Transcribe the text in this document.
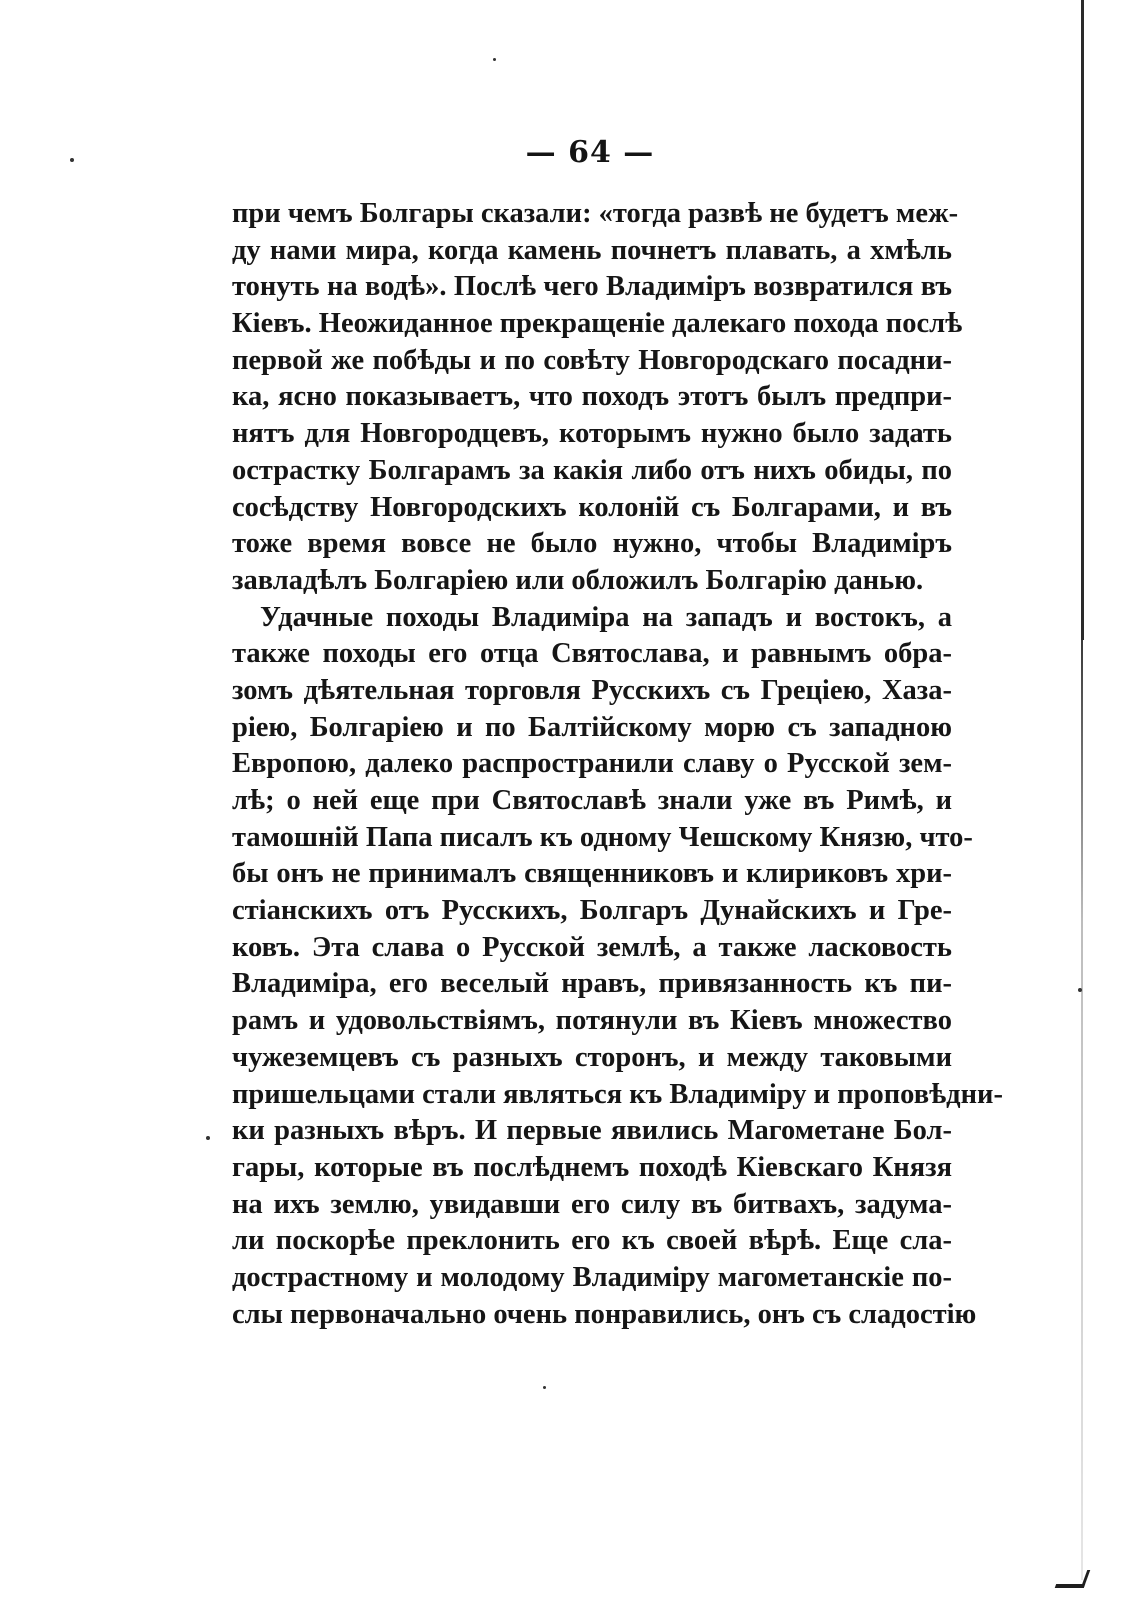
— 64 —
при чемъ Болгары сказали: «тогда развѣ не будетъ меж-
ду нами мира, когда камень почнетъ плавать, а хмѣль
тонуть на водѣ». Послѣ чего Владиміръ возвратился въ
Кіевъ. Неожиданное прекращеніе далекаго похода послѣ
первой же побѣды и по совѣту Новгородскаго посадни-
ка, ясно показываетъ, что походъ этотъ былъ предпри-
нятъ для Новгородцевъ, которымъ нужно было задать
острастку Болгарамъ за какія либо отъ нихъ обиды, по
сосѣдству Новгородскихъ колоній съ Болгарами, и въ
тоже время вовсе не было нужно, чтобы Владиміръ
завладѣлъ Болгаріею или обложилъ Болгарію данью.
Удачные походы Владиміра на западъ и востокъ, а
также походы его отца Святослава, и равнымъ обра-
зомъ дѣятельная торговля Русскихъ съ Греціею, Хаза-
ріею, Болгаріею и по Балтійскому морю съ западною
Европою, далеко распространили славу о Русской зем-
лѣ; о ней еще при Святославѣ знали уже въ Римѣ, и
тамошній Папа писалъ къ одному Чешскому Князю, что-
бы онъ не принималъ священниковъ и клириковъ хри-
стіанскихъ отъ Русскихъ, Болгаръ Дунайскихъ и Гре-
ковъ. Эта слава о Русской землѣ, а также ласковость
Владиміра, его веселый нравъ, привязанность къ пи-
рамъ и удовольствіямъ, потянули въ Кіевъ множество
чужеземцевъ съ разныхъ сторонъ, и между таковыми
пришельцами стали являться къ Владиміру и проповѣдни-
ки разныхъ вѣръ. И первые явились Магометане Бол-
гары, которые въ послѣднемъ походѣ Кіевскаго Князя
на ихъ землю, увидавши его силу въ битвахъ, задума-
ли поскорѣе преклонить его къ своей вѣрѣ. Еще сла-
дострастному и молодому Владиміру магометанскіе по-
слы первоначально очень понравились, онъ съ сладостію
